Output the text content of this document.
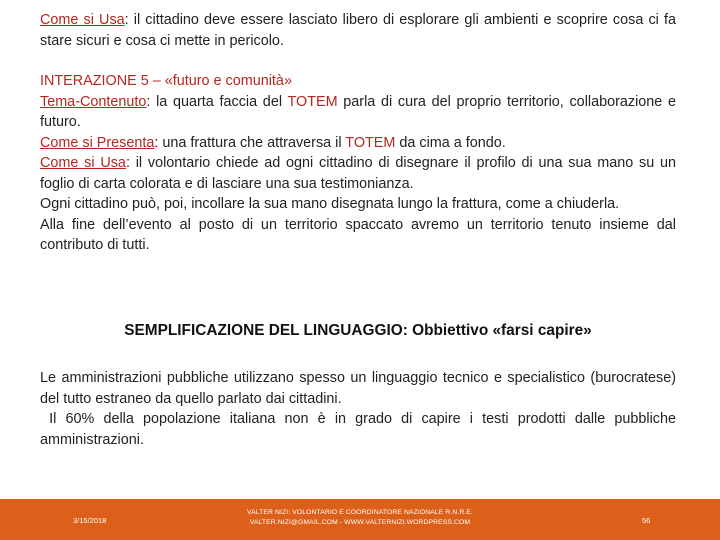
Come si Usa: il cittadino deve essere lasciato libero di esplorare gli ambienti e scoprire cosa ci fa stare sicuri e cosa ci mette in pericolo.

INTERAZIONE 5 – «futuro e comunità»

Tema-Contenuto: la quarta faccia del TOTEM parla di cura del proprio territorio, collaborazione e futuro.

Come si Presenta: una frattura che attraversa il TOTEM da cima a fondo.

Come si Usa: il volontario chiede ad ogni cittadino di disegnare il profilo di una sua mano su un foglio di carta colorata e di lasciare una sua testimonianza.

Ogni cittadino può, poi, incollare la sua mano disegnata lungo la frattura, come a chiuderla.

Alla fine dell’evento al posto di un territorio spaccato avremo un territorio tenuto insieme dal contributo di tutti.

SEMPLIFICAZIONE DEL LINGUAGGIO: Obbiettivo «farsi capire»

Le amministrazioni pubbliche utilizzano spesso un linguaggio tecnico e specialistico (burocratese) del tutto estraneo da quello parlato dai cittadini.

Il 60% della popolazione italiana non è in grado di capire i testi prodotti dalle pubbliche amministrazioni.

3/15/2018
VALTER NIZI: VOLONTARIO E COORDINATORE NAZIONALE R.N.R.E.
VALTER.NIZI@GMAIL.COM - WWW.VALTERNIZI.WORDPRESS.COM	56
